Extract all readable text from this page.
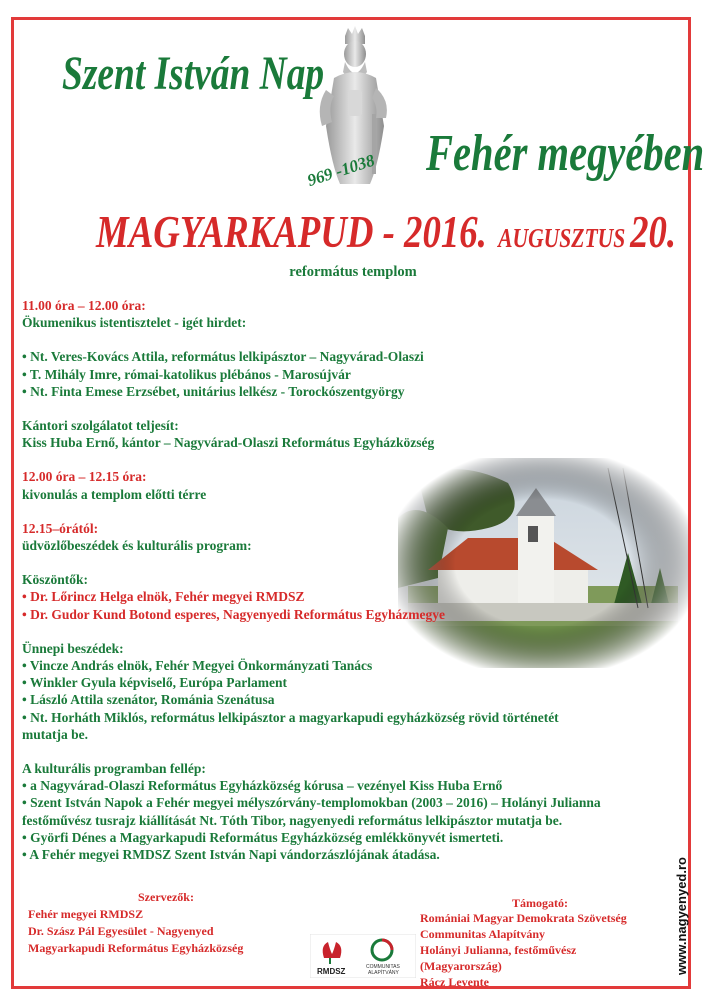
Szent István Nap
Fehér megyében
969 -1038
MAGYARKAPUD - 2016. AUGUSZTUS 20.
református templom
11.00 óra – 12.00 óra:
Ökumenikus istentisztelet - igét hirdet:
• Nt. Veres-Kovács Attila, református lelkipásztor – Nagyvárad-Olaszi
• T. Mihály Imre, római-katolikus plébános - Marosújvár
• Nt. Finta Emese Erzsébet, unitárius lelkész - Torockószentgyörgy
Kántori szolgálatot teljesít:
Kiss Huba Ernő, kántor – Nagyvárad-Olaszi Református Egyházközség
12.00 óra – 12.15 óra:
kivonulás a templom előtti térre
12.15–órától:
üdvözlőbeszédek és kulturális program:
Köszöntők:
• Dr. Lőrincz Helga elnök, Fehér megyei RMDSZ
• Dr. Gudor Kund Botond esperes, Nagyenyedi Református Egyházmegye
Ünnepi beszédek:
• Vincze András elnök, Fehér Megyei Önkormányzati Tanács
• Winkler Gyula képviselő, Európa Parlament
• László Attila szenátor, Románia Szenátusa
• Nt. Horháth Miklós, református lelkipásztor a magyarkapudi egyházközség rövid történetét
mutatja be.
A kulturális programban fellép:
• a Nagyvárad-Olaszi Református Egyházközség kórusa – vezényel Kiss Huba Ernő
• Szent István Napok a Fehér megyei mélyszórvány-templomokban (2003 – 2016) – Holányi Julianna
festőművész tusrajz kiállítását Nt. Tóth Tibor, nagyenyedi református lelkipásztor mutatja be.
• Györfi Dénes a Magyarkapudi Református Egyházközség emlékkönyvét ismerteti.
• A Fehér megyei RMDSZ Szent István Napi vándorzászlójának átadása.
Szervezők:
Fehér megyei RMDSZ
Dr. Szász Pál Egyesület - Nagyenyed
Magyarkapudi Református Egyházközség
RMDSZ	COMMUNITAS
ALAPÍTVÁNY
Támogató:
Romániai Magyar Demokrata Szövetség
Communitas Alapítvány
Holányi Julianna, festőművész
(Magyarország)
Rácz Levente
www.nagyenyed.ro
